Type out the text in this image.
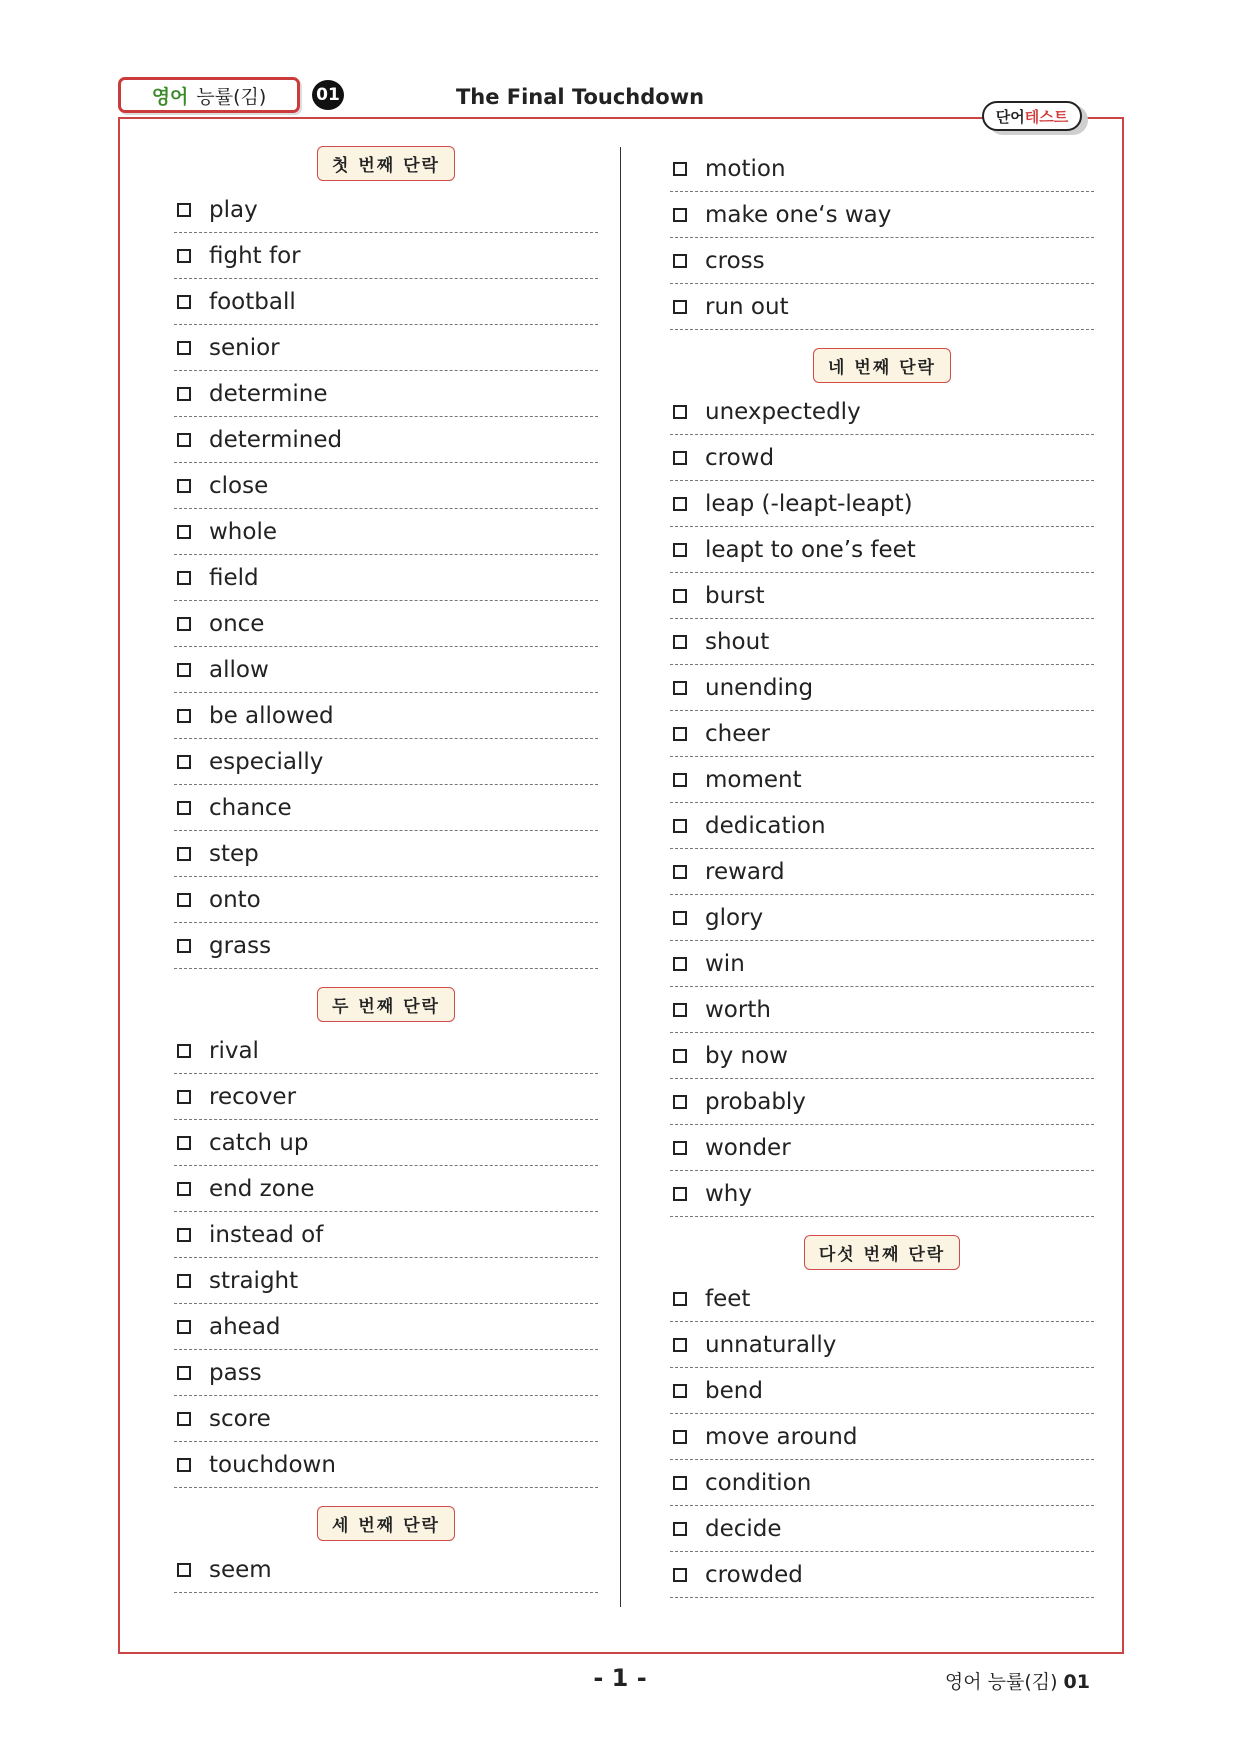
영어 능률(김)	01	The Final Touchdown
단어 테스트
첫 번째 단락
play
fight for
football
senior
determine
determined
close
whole
field
once
allow
be allowed
especially
chance
step
onto
grass
두 번째 단락
rival
recover
catch up
end zone
instead of
straight
ahead
pass
score
touchdown
세 번째 단락
seem
motion
make one‘s way
cross
run out
네 번째 단락
unexpectedly
crowd
leap (-leapt-leapt)
leapt to one’s feet
burst
shout
unending
cheer
moment
dedication
reward
glory
win
worth
by now
probably
wonder
why
다섯 번째 단락
feet
unnaturally
bend
move around
condition
decide
crowded
- 1 -	영어 능률(김) 01
